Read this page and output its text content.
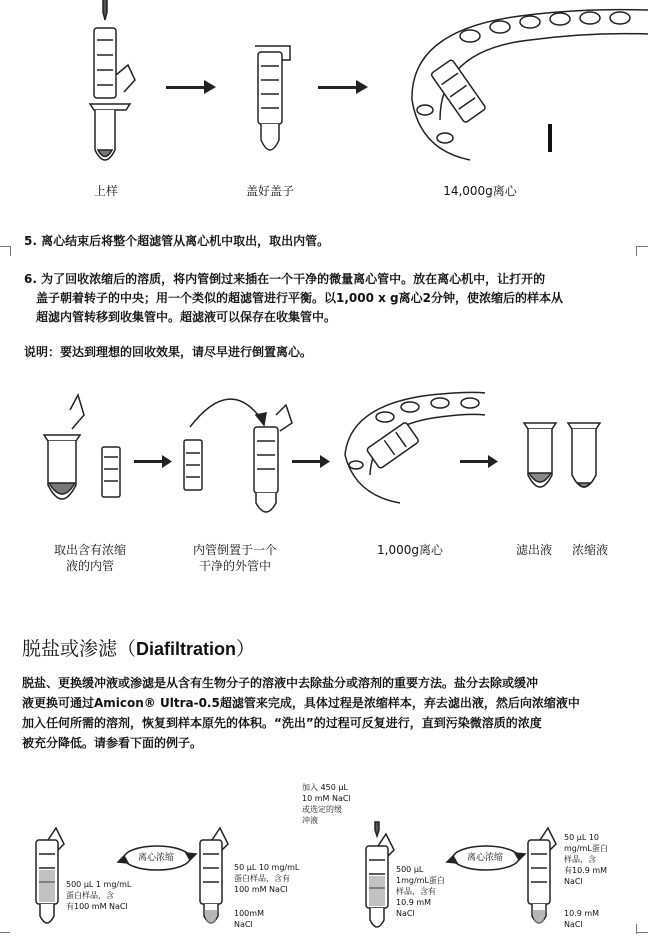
上样	盖好盖子	14,000g离心
5. 离心结束后将整个超滤管从离心机中取出，取出内管。
6. 为了回收浓缩后的溶质，将内管倒过来插在一个干净的微量离心管中。放在离心机中，让打开的
盖子朝着转子的中央；用一个类似的超滤管进行平衡。以1,000 x g离心2分钟，使浓缩后的样本从
超滤内管转移到收集管中。超滤液可以保存在收集管中。
说明：要达到理想的回收效果，请尽早进行倒置离心。
取出含有浓缩
液的内管
内管倒置于一个
干净的外管中
1,000g离心	滤出液	浓缩液
脱盐或渗滤（Diafiltration）
脱盐、更换缓冲液或渗滤是从含有生物分子的溶液中去除盐分或溶剂的重要方法。盐分去除或缓冲
液更换可通过Amicon® Ultra-0.5超滤管来完成，具体过程是浓缩样本，弃去滤出液，然后向浓缩液中
加入任何所需的溶剂，恢复到样本原先的体积。“洗出”的过程可反复进行，直到污染微溶质的浓度
被充分降低。请参看下面的例子。
离心浓缩	离心浓缩
500 µL 1 mg/mL
蛋白样品，含
有100 mM NaCl
50 µL 10 mg/mL
蛋白样品，含有
100 mM NaCl
100mM
NaCl
加入 450 µL
10 mM NaCl
或选定的缓
冲液
500 µL
1mg/mL蛋白
样品，含有
10.9 mM
NaCl
50 µL 10
mg/mL蛋白
样品，含
有10.9 mM
NaCl
10.9 mM
NaCl
